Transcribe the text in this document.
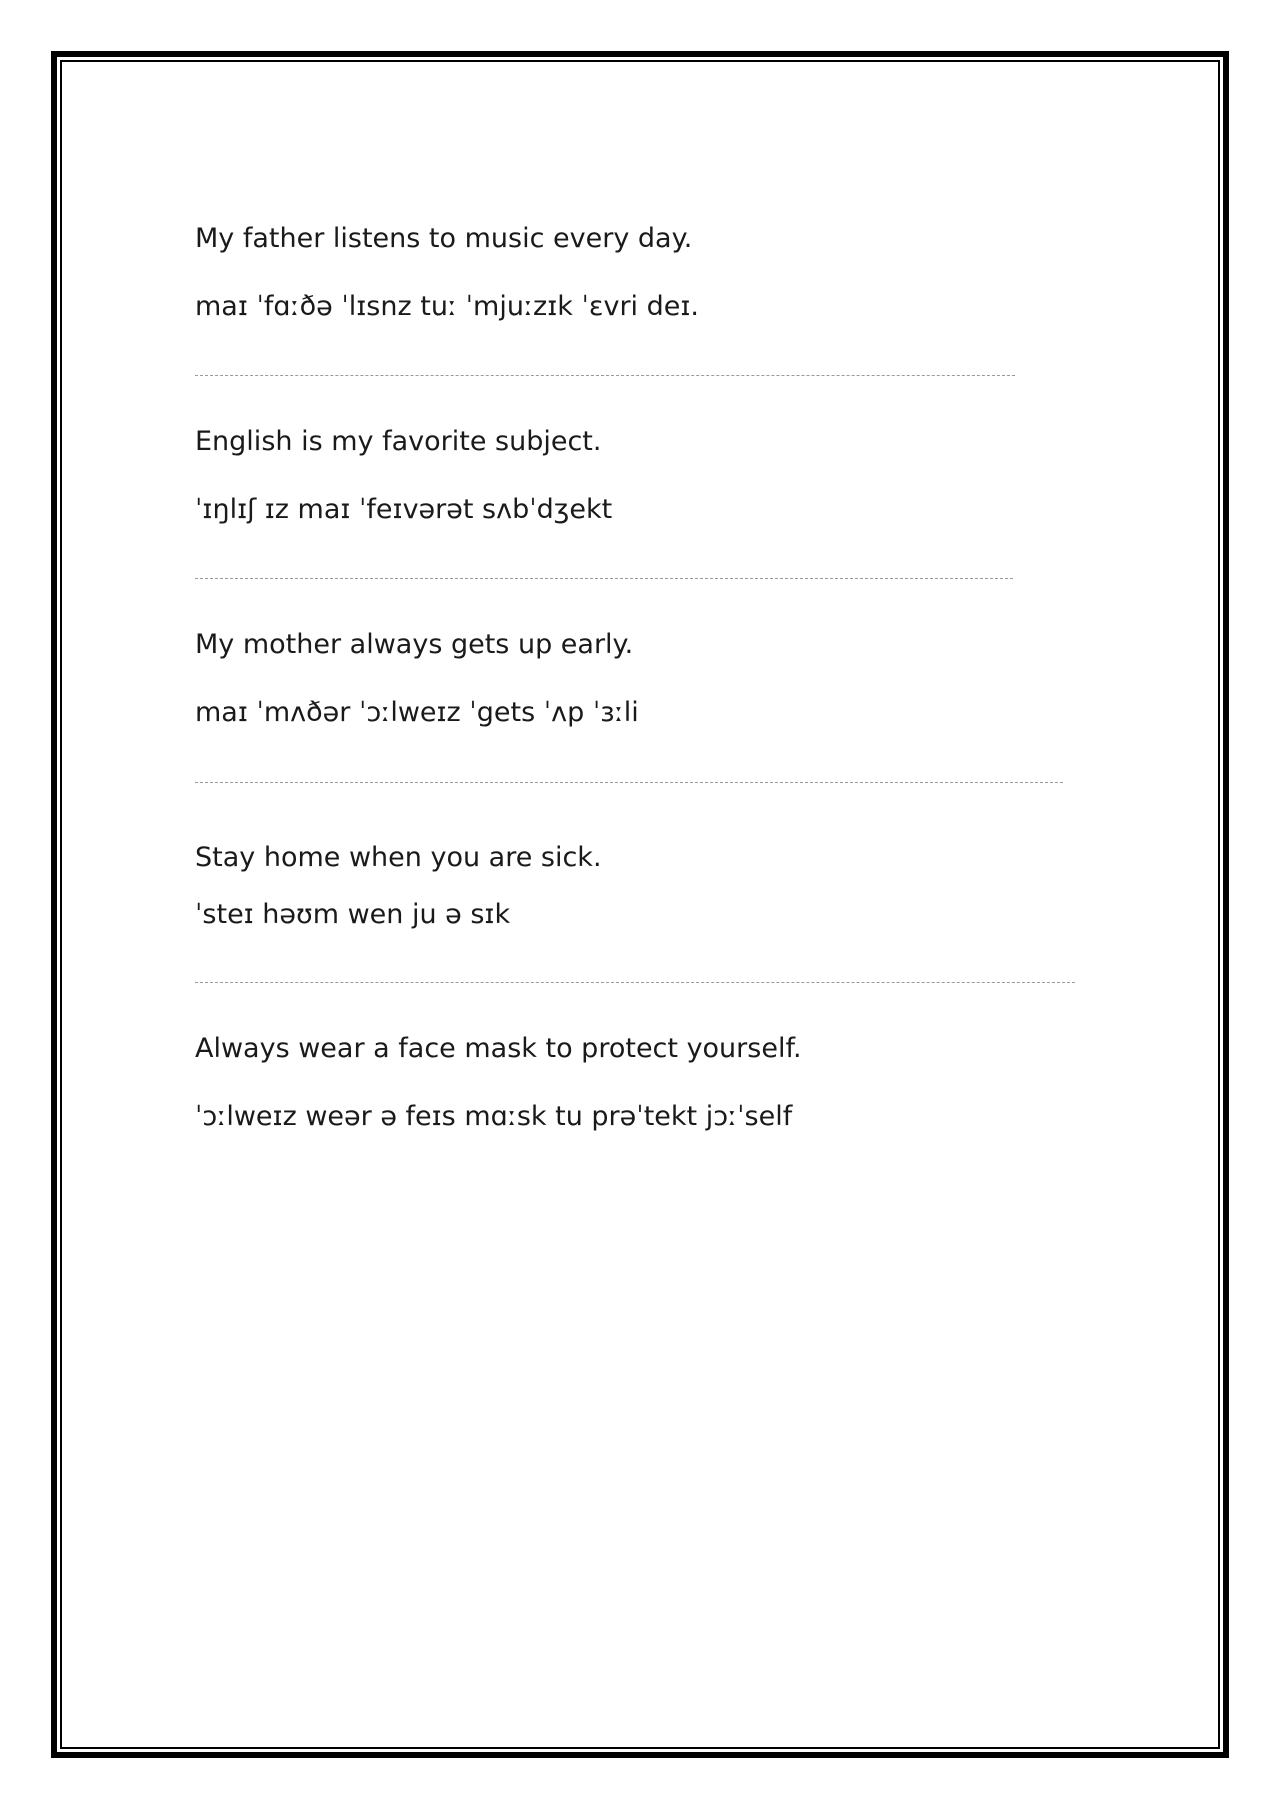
My father listens to music every day.

maɪ ˈfɑːðə ˈlɪsnz tuː ˈmjuːzɪk ˈɛvri deɪ.

English is my favorite subject.

ˈɪŋlɪʃ ɪz maɪ ˈfeɪvərət sʌbˈdʒekt

My mother always gets up early.

maɪ ˈmʌðər ˈɔːlweɪz ˈgets ˈʌp ˈɜːli

Stay home when you are sick.

ˈsteɪ həʊm wen ju ə sɪk

Always wear a face mask to protect yourself.

ˈɔːlweɪz weər ə feɪs mɑːsk tu prəˈtekt jɔːˈself
